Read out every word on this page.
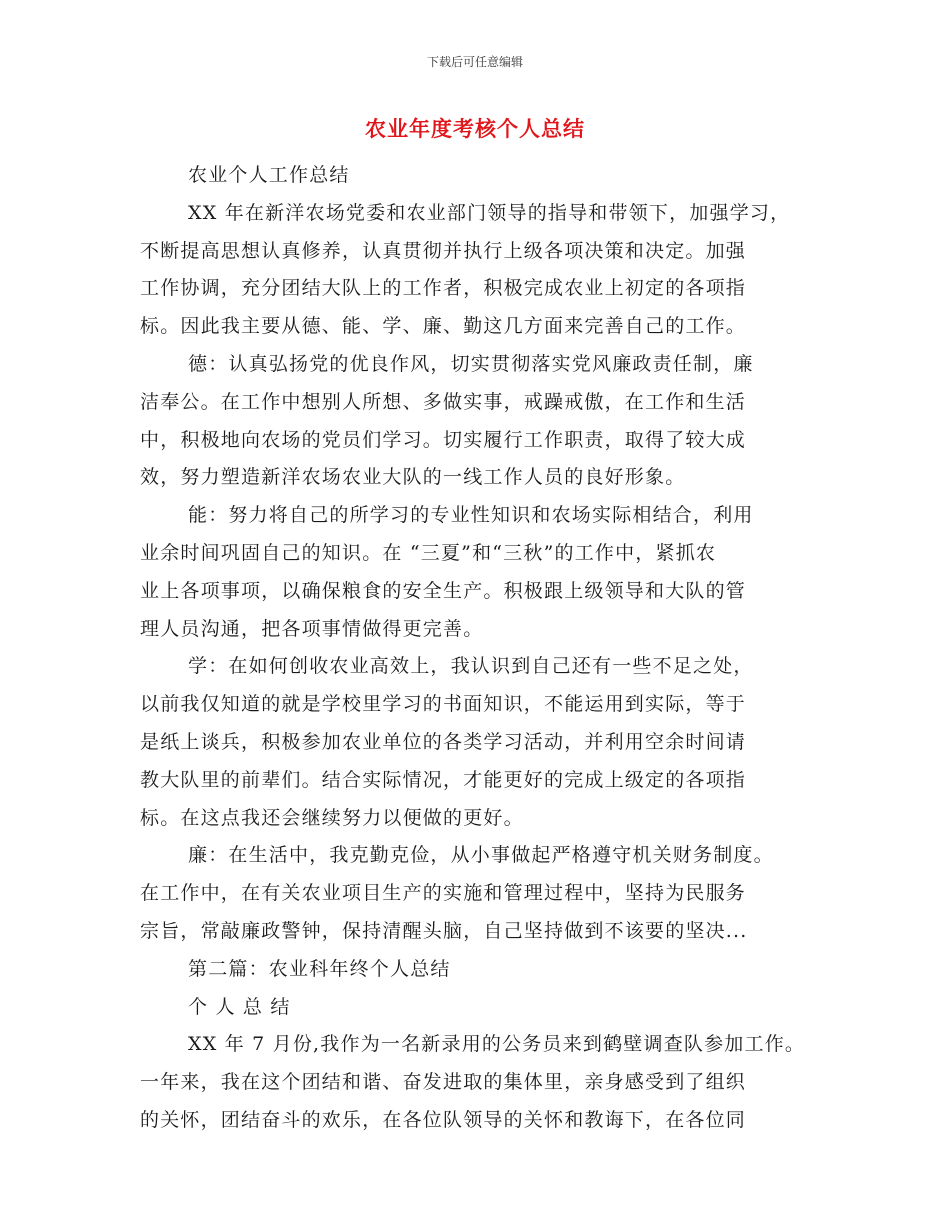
下载后可任意编辑
农业年度考核个人总结
农业个人工作总结
XX 年在新洋农场党委和农业部门领导的指导和带领下，加强学习，
不断提高思想认真修养，认真贯彻并执行上级各项决策和决定。加强
工作协调，充分团结大队上的工作者，积极完成农业上初定的各项指
标。因此我主要从德、能、学、廉、勤这几方面来完善自己的工作。
德：认真弘扬党的优良作风，切实贯彻落实党风廉政责任制，廉
洁奉公。在工作中想别人所想、多做实事，戒躁戒傲，在工作和生活
中，积极地向农场的党员们学习。切实履行工作职责，取得了较大成
效，努力塑造新洋农场农业大队的一线工作人员的良好形象。
能：努力将自己的所学习的专业性知识和农场实际相结合，利用
业余时间巩固自己的知识。在 “三夏”和“三秋”的工作中，紧抓农
业上各项事项，以确保粮食的安全生产。积极跟上级领导和大队的管
理人员沟通，把各项事情做得更完善。
学：在如何创收农业高效上，我认识到自己还有一些不足之处，
以前我仅知道的就是学校里学习的书面知识，不能运用到实际，等于
是纸上谈兵，积极参加农业单位的各类学习活动，并利用空余时间请
教大队里的前辈们。结合实际情况，才能更好的完成上级定的各项指
标。在这点我还会继续努力以便做的更好。
廉：在生活中，我克勤克俭，从小事做起严格遵守机关财务制度。
在工作中，在有关农业项目生产的实施和管理过程中，坚持为民服务
宗旨，常敲廉政警钟，保持清醒头脑，自己坚持做到不该要的坚决...
第二篇：农业科年终个人总结
个 人 总 结
XX 年 7 月份,我作为一名新录用的公务员来到鹤壁调查队参加工作。
一年来，我在这个团结和谐、奋发进取的集体里，亲身感受到了组织
的关怀，团结奋斗的欢乐，在各位队领导的关怀和教诲下，在各位同
